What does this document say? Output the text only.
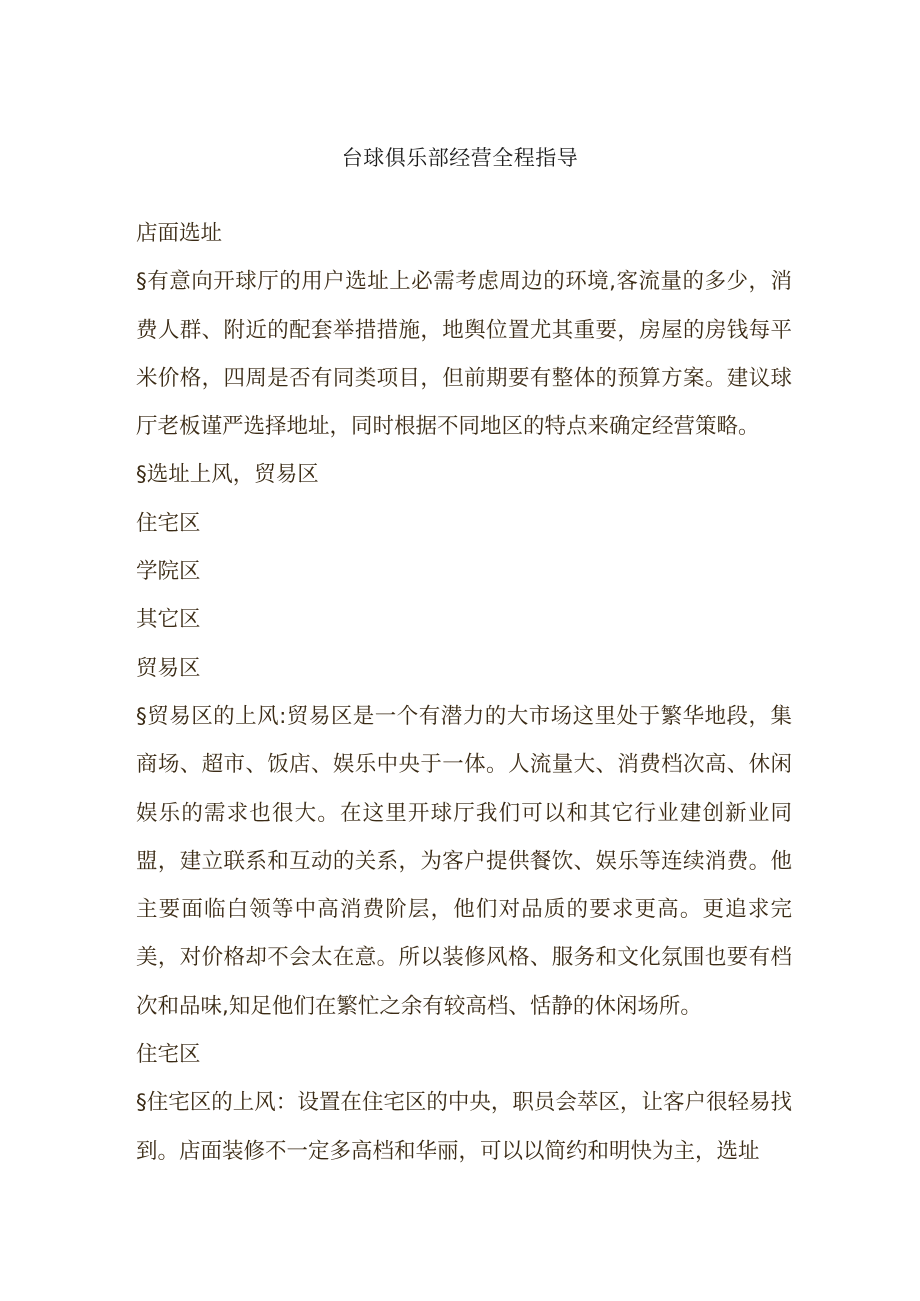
台球俱乐部经营全程指导

店面选址

§有意向开球厅的用户选址上必需考虑周边的环境,客流量的多少，消费人群、附近的配套举措措施，地舆位置尤其重要，房屋的房钱每平米价格，四周是否有同类项目，但前期要有整体的预算方案。建议球厅老板谨严选择地址，同时根据不同地区的特点来确定经营策略。

§选址上风，贸易区

住宅区

学院区

其它区

贸易区

§贸易区的上风:贸易区是一个有潜力的大市场这里处于繁华地段，集商场、超市、饭店、娱乐中央于一体。人流量大、消费档次高、休闲娱乐的需求也很大。在这里开球厅我们可以和其它行业建创新业同盟，建立联系和互动的关系，为客户提供餐饮、娱乐等连续消费。他主要面临白领等中高消费阶层，他们对品质的要求更高。更追求完美，对价格却不会太在意。所以装修风格、服务和文化氛围也要有档次和品味,知足他们在繁忙之余有较高档、恬静的休闲场所。

住宅区

§住宅区的上风：设置在住宅区的中央，职员会萃区，让客户很轻易找到。店面装修不一定多高档和华丽，可以以简约和明快为主，选址
